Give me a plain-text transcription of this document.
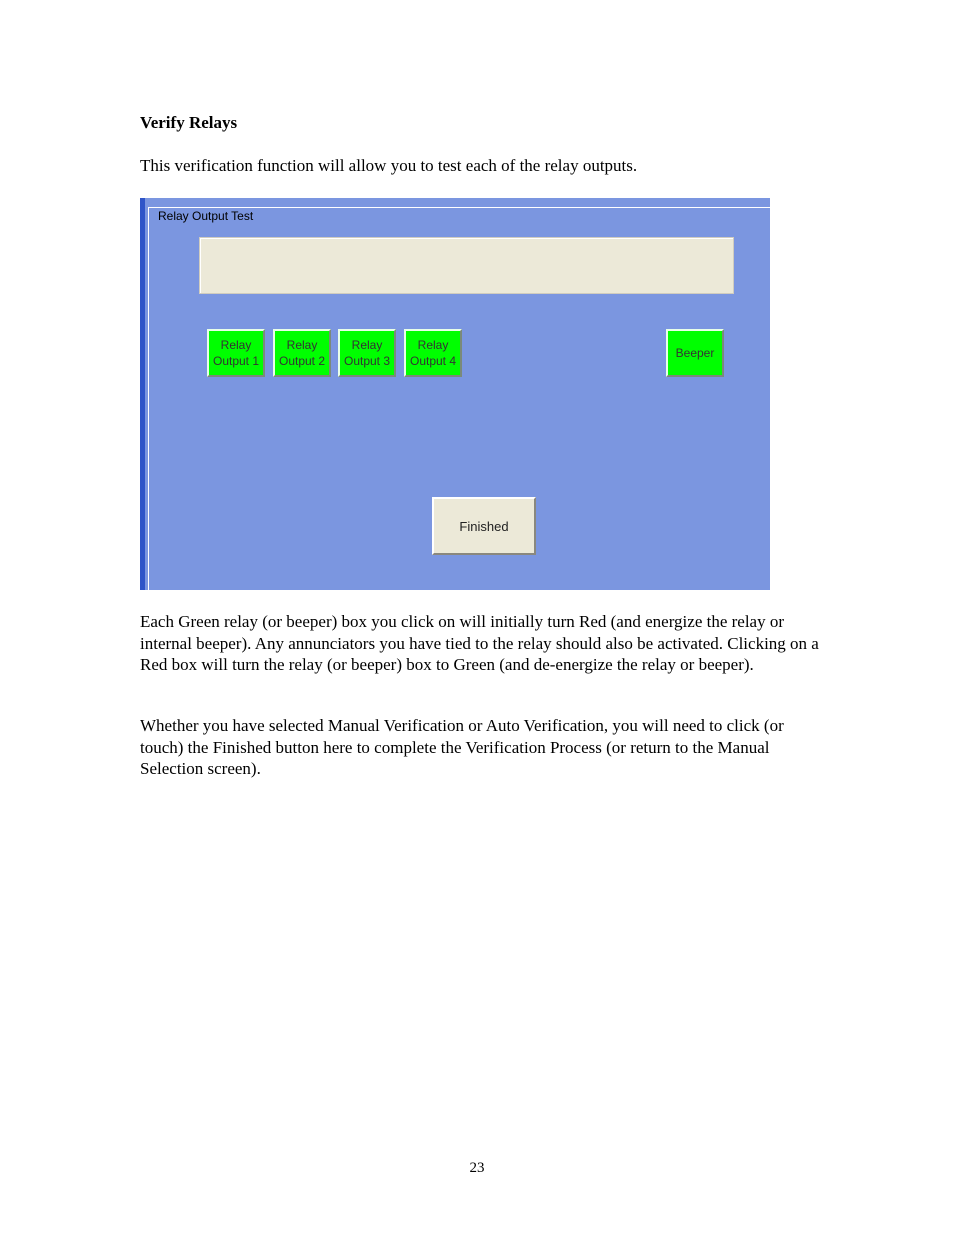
Verify Relays

This verification function will allow you to test each of the relay outputs.

Relay Output Test
Relay
Output 1
Relay
Output 2
Relay
Output 3
Relay
Output 4
Beeper
Finished

Each Green relay (or beeper) box you click on will initially turn Red (and energize the relay or internal beeper). Any annunciators you have tied to the relay should also be activated. Clicking on a Red box will turn the relay (or beeper) box to Green (and de-energize the relay or beeper).

Whether you have selected Manual Verification or Auto Verification, you will need to click (or touch) the Finished button here to complete the Verification Process (or return to the Manual Selection screen).

23
